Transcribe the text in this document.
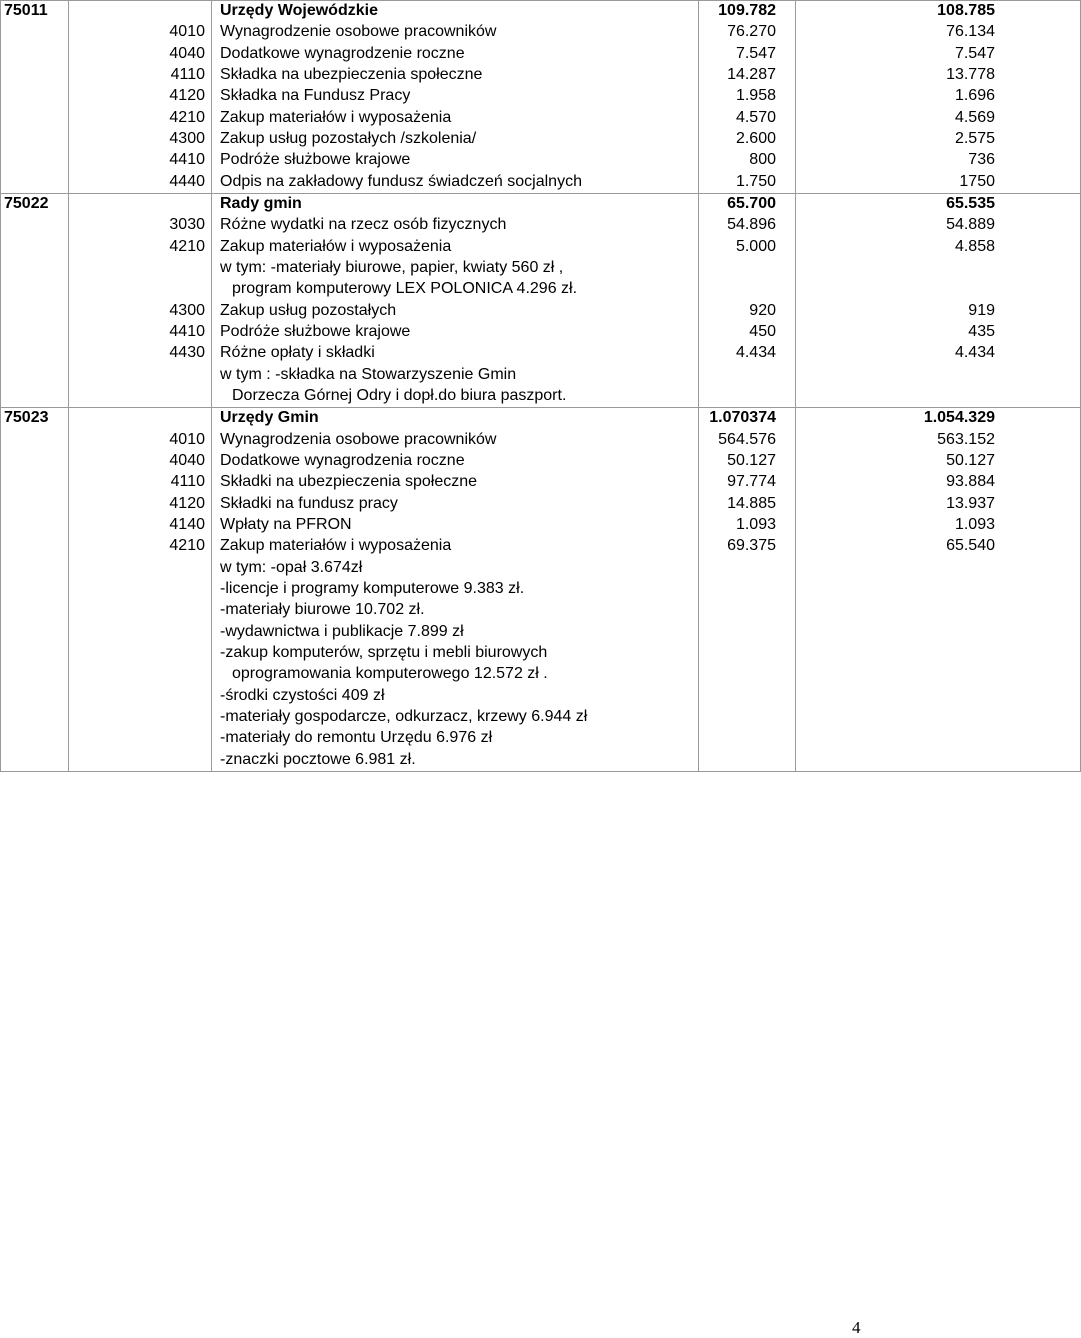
75011		Urzędy Wojewódzkie	109.782	108.785
	4010	Wynagrodzenie osobowe pracowników	76.270	76.134
	4040	Dodatkowe wynagrodzenie roczne	7.547	7.547
	4110	Składka na ubezpieczenia społeczne	14.287	13.778
	4120	Składka na Fundusz Pracy	1.958	1.696
	4210	Zakup materiałów i wyposażenia	4.570	4.569
	4300	Zakup usług pozostałych /szkolenia/	2.600	2.575
	4410	Podróże służbowe krajowe	800	736
	4440	Odpis na zakładowy fundusz świadczeń socjalnych	1.750	1750
75022		Rady gmin	65.700	65.535
	3030	Różne wydatki na rzecz osób fizycznych	54.896	54.889
	4210	Zakup materiałów i wyposażenia	5.000	4.858
		w tym: -materiały biurowe, papier, kwiaty 560 zł ,		
		program komputerowy LEX POLONICA 4.296 zł.		
	4300	Zakup usług pozostałych	920	919
	4410	Podróże służbowe krajowe	450	435
	4430	Różne opłaty i składki	4.434	4.434
		w tym : -składka na Stowarzyszenie Gmin		
		Dorzecza Górnej Odry i dopł.do biura paszport.		
75023		Urzędy Gmin	1.070374	1.054.329
	4010	Wynagrodzenia osobowe pracowników	564.576	563.152
	4040	Dodatkowe wynagrodzenia roczne	50.127	50.127
	4110	Składki na ubezpieczenia społeczne	97.774	93.884
	4120	Składki na fundusz pracy	14.885	13.937
	4140	Wpłaty na PFRON	1.093	1.093
	4210	Zakup materiałów i wyposażenia	69.375	65.540
		w tym: -opał 3.674zł		
		-licencje i programy komputerowe 9.383 zł.		
		-materiały biurowe 10.702 zł.		
		-wydawnictwa i publikacje 7.899 zł		
		-zakup komputerów, sprzętu i mebli biurowych		
		oprogramowania komputerowego 12.572 zł .		
		-środki czystości 409 zł		
		-materiały gospodarcze, odkurzacz, krzewy 6.944 zł		
		-materiały do remontu Urzędu 6.976 zł		
		-znaczki pocztowe 6.981 zł.		

4
